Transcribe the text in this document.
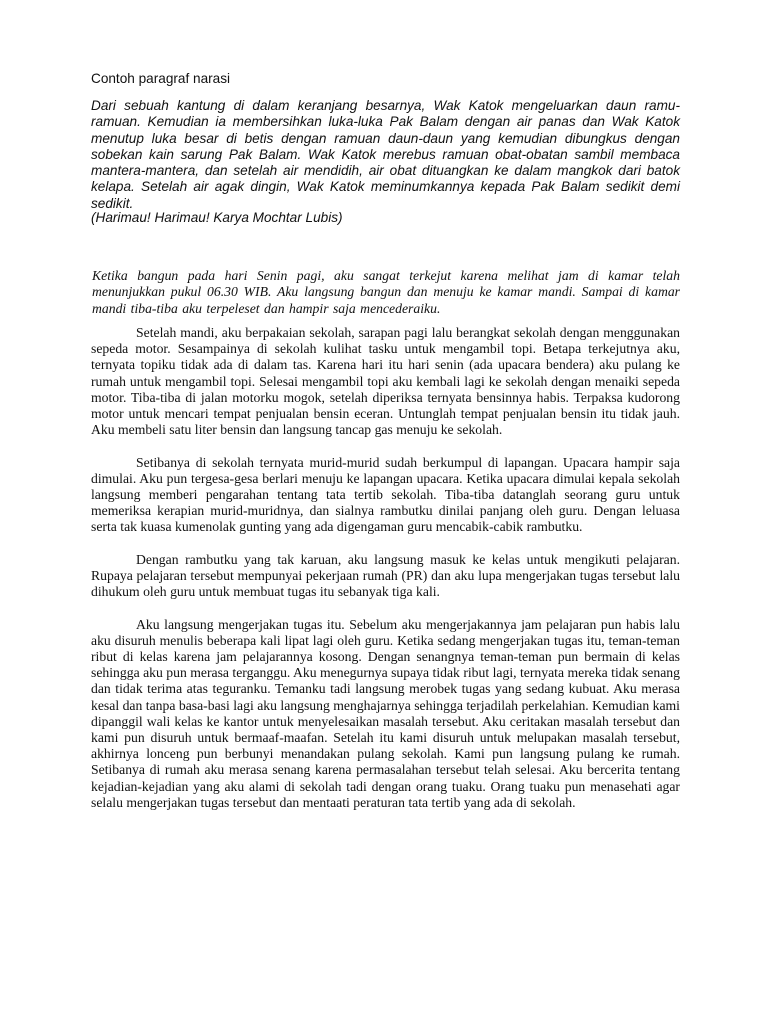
Contoh paragraf narasi

Dari sebuah kantung di dalam keranjang besarnya, Wak Katok mengeluarkan daun ramu-ramuan. Kemudian ia membersihkan luka-luka Pak Balam dengan air panas dan Wak Katok menutup luka besar di betis dengan ramuan daun-daun yang kemudian dibungkus dengan sobekan kain sarung Pak Balam. Wak Katok merebus ramuan obat-obatan sambil membaca mantera-mantera, dan setelah air mendidih, air obat dituangkan ke dalam mangkok dari batok kelapa. Setelah air agak dingin, Wak Katok meminumkannya kepada Pak Balam sedikit demi sedikit.

(Harimau! Harimau! Karya Mochtar Lubis)

Ketika bangun pada hari Senin pagi, aku sangat terkejut karena melihat jam di kamar telah menunjukkan pukul 06.30 WIB. Aku langsung bangun dan menuju ke kamar mandi. Sampai di kamar mandi tiba-tiba aku terpeleset dan hampir saja mencederaiku.

Setelah mandi, aku berpakaian sekolah, sarapan pagi lalu berangkat sekolah dengan menggunakan sepeda motor. Sesampainya di sekolah kulihat tasku untuk mengambil topi. Betapa terkejutnya aku, ternyata topiku tidak ada di dalam tas. Karena hari itu hari senin (ada upacara bendera) aku pulang ke rumah untuk mengambil topi. Selesai mengambil topi aku kembali lagi ke sekolah dengan menaiki sepeda motor. Tiba-tiba di jalan motorku mogok, setelah diperiksa ternyata bensinnya habis. Terpaksa kudorong motor untuk mencari tempat penjualan bensin eceran. Untunglah tempat penjualan bensin itu tidak jauh. Aku membeli satu liter bensin dan langsung tancap gas menuju ke sekolah.

Setibanya di sekolah ternyata murid-murid sudah berkumpul di lapangan. Upacara hampir saja dimulai. Aku pun tergesa-gesa berlari menuju ke lapangan upacara. Ketika upacara dimulai kepala sekolah langsung memberi pengarahan tentang tata tertib sekolah. Tiba-tiba datanglah seorang guru untuk memeriksa kerapian murid-muridnya, dan sialnya rambutku dinilai panjang oleh guru. Dengan leluasa serta tak kuasa kumenolak gunting yang ada digengaman guru mencabik-cabik rambutku.

Dengan rambutku yang tak karuan, aku langsung masuk ke kelas untuk mengikuti pelajaran. Rupaya pelajaran tersebut mempunyai pekerjaan rumah (PR) dan aku lupa mengerjakan tugas tersebut lalu dihukum oleh guru untuk membuat tugas itu sebanyak tiga kali.

Aku langsung mengerjakan tugas itu. Sebelum aku mengerjakannya jam pelajaran pun habis lalu aku disuruh menulis beberapa kali lipat lagi oleh guru. Ketika sedang mengerjakan tugas itu, teman-teman ribut di kelas karena jam pelajarannya kosong. Dengan senangnya teman-teman pun bermain di kelas sehingga aku pun merasa terganggu. Aku menegurnya supaya tidak ribut lagi, ternyata mereka tidak senang dan tidak terima atas teguranku. Temanku tadi langsung merobek tugas yang sedang kubuat. Aku merasa kesal dan tanpa basa-basi lagi aku langsung menghajarnya sehingga terjadilah perkelahian. Kemudian kami dipanggil wali kelas ke kantor untuk menyelesaikan masalah tersebut. Aku ceritakan masalah tersebut dan kami pun disuruh untuk bermaaf-maafan. Setelah itu kami disuruh untuk melupakan masalah tersebut, akhirnya lonceng pun berbunyi menandakan pulang sekolah. Kami pun langsung pulang ke rumah. Setibanya di rumah aku merasa senang karena permasalahan tersebut telah selesai. Aku bercerita tentang kejadian-kejadian yang aku alami di sekolah tadi dengan orang tuaku. Orang tuaku pun menasehati agar selalu mengerjakan tugas tersebut dan mentaati peraturan tata tertib yang ada di sekolah.
